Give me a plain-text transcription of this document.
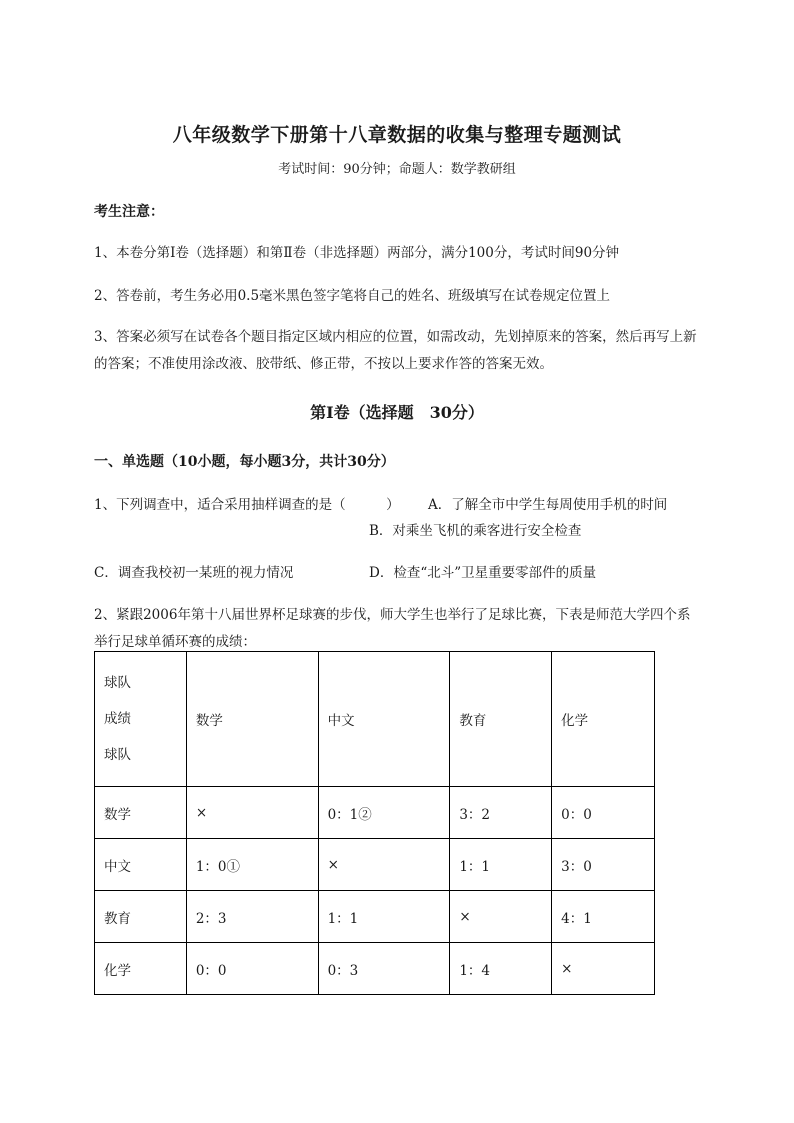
八年级数学下册第十八章数据的收集与整理专题测试
考试时间：90分钟；命题人：数学教研组
考生注意：
1、本卷分第I卷（选择题）和第Ⅱ卷（非选择题）两部分，满分100分，考试时间90分钟
2、答卷前，考生务必用0.5毫米黑色签字笔将自己的姓名、班级填写在试卷规定位置上
3、答案必须写在试卷各个题目指定区域内相应的位置，如需改动，先划掉原来的答案，然后再写上新
的答案；不准使用涂改液、胶带纸、修正带，不按以上要求作答的答案无效。
第I卷（选择题　30分）
一、单选题（10小题，每小题3分，共计30分）
1、下列调查中，适合采用抽样调查的是（　　　） A．了解全市中学生每周使用手机的时间
B．对乘坐飞机的乘客进行安全检查
C．调查我校初一某班的视力情况	D．检查“北斗”卫星重要零部件的质量
2、紧跟2006年第十八届世界杯足球赛的步伐，师大学生也举行了足球比赛，下表是师范大学四个系
举行足球单循环赛的成绩：
球队
成绩
球队	数学	中文	教育	化学
数学	×	0：1②	3：2	0：0
中文	1：0①	×	1：1	3：0
教育	2：3	1：1	×	4：1
化学	0：0	0：3	1：4	×
